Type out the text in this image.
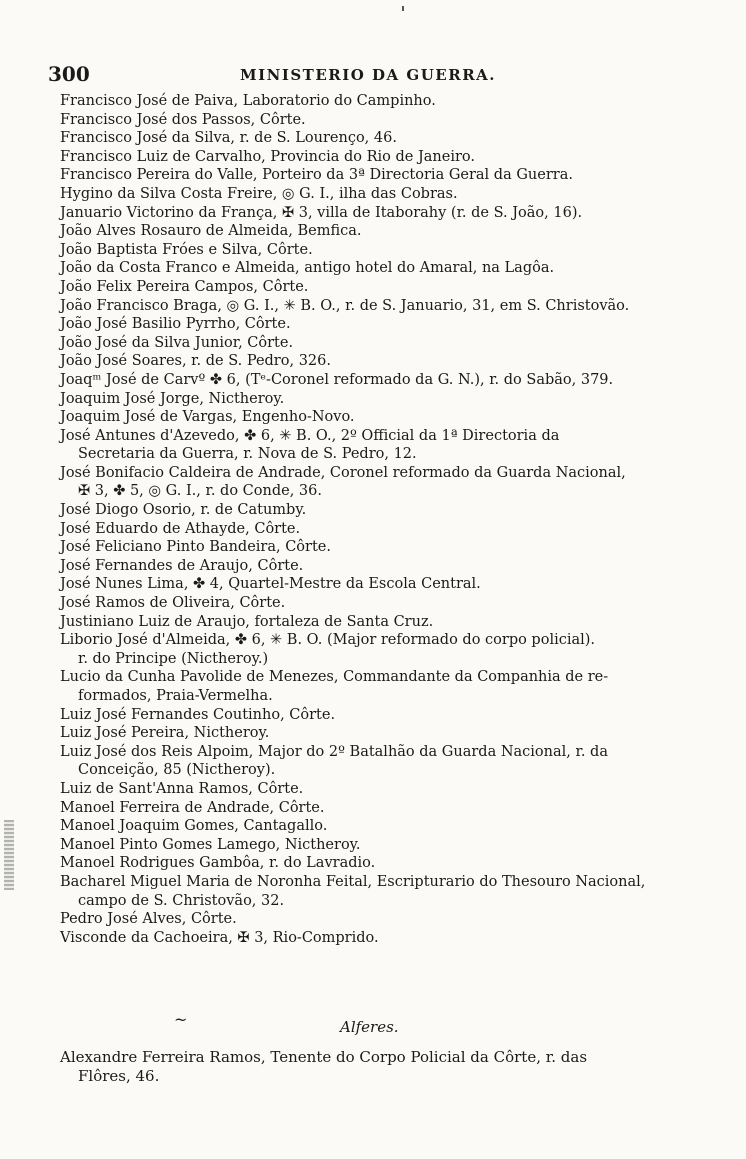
300	MINISTERIO DA GUERRA.

Francisco José de Paiva, Laboratorio do Campinho.

Francisco José dos Passos, Côrte.

Francisco José da Silva, r. de S. Lourenço, 46.

Francisco Luiz de Carvalho, Provincia do Rio de Janeiro.

Francisco Pereira do Valle, Porteiro da 3ª Directoria Geral da Guerra.

Hygino da Silva Costa Freire, ◎ G. I., ilha das Cobras.

Januario Victorino da França, ✠ 3, villa de Itaborahy (r. de S. João, 16).

João Alves Rosauro de Almeida, Bemfica.

João Baptista Fróes e Silva, Côrte.

João da Costa Franco e Almeida, antigo hotel do Amaral, na Lagôa.

João Felix Pereira Campos, Côrte.

João Francisco Braga, ◎ G. I., ✳ B. O., r. de S. Januario, 31, em S. Christovão.

João José Basilio Pyrrho, Côrte.

João José da Silva Junior, Côrte.

João José Soares, r. de S. Pedro, 326.

Joaqᵐ José de Carvº ✤ 6, (Tᵉ-Coronel reformado da G. N.), r. do Sabão, 379.

Joaquim José Jorge, Nictheroy.

Joaquim José de Vargas, Engenho-Novo.

José Antunes d'Azevedo, ✤ 6, ✳ B. O., 2º Official da 1ª Directoria da
Secretaria da Guerra, r. Nova de S. Pedro, 12.

José Bonifacio Caldeira de Andrade, Coronel reformado da Guarda Nacional,
✠ 3, ✤ 5, ◎ G. I., r. do Conde, 36.

José Diogo Osorio, r. de Catumby.

José Eduardo de Athayde, Côrte.

José Feliciano Pinto Bandeira, Côrte.

José Fernandes de Araujo, Côrte.

José Nunes Lima, ✤ 4, Quartel-Mestre da Escola Central.

José Ramos de Oliveira, Côrte.

Justiniano Luiz de Araujo, fortaleza de Santa Cruz.

Liborio José d'Almeida, ✤ 6, ✳ B. O. (Major reformado do corpo policial).
r. do Principe (Nictheroy.)

Lucio da Cunha Pavolide de Menezes, Commandante da Companhia de re-
formados, Praia-Vermelha.

Luiz José Fernandes Coutinho, Côrte.

Luiz José Pereira, Nictheroy.

Luiz José dos Reis Alpoim, Major do 2º Batalhão da Guarda Nacional, r. da
Conceição, 85 (Nictheroy).

Luiz de Sant'Anna Ramos, Côrte.

Manoel Ferreira de Andrade, Côrte.

Manoel Joaquim Gomes, Cantagallo.

Manoel Pinto Gomes Lamego, Nictheroy.

Manoel Rodrigues Gambôa, r. do Lavradio.

Bacharel Miguel Maria de Noronha Feital, Escripturario do Thesouro Nacional,
campo de S. Christovão, 32.

Pedro José Alves, Côrte.

Visconde da Cachoeira, ✠ 3, Rio-Comprido.

~	Alferes.
Alexandre Ferreira Ramos, Tenente do Corpo Policial da Côrte, r. das
Flôres, 46.
